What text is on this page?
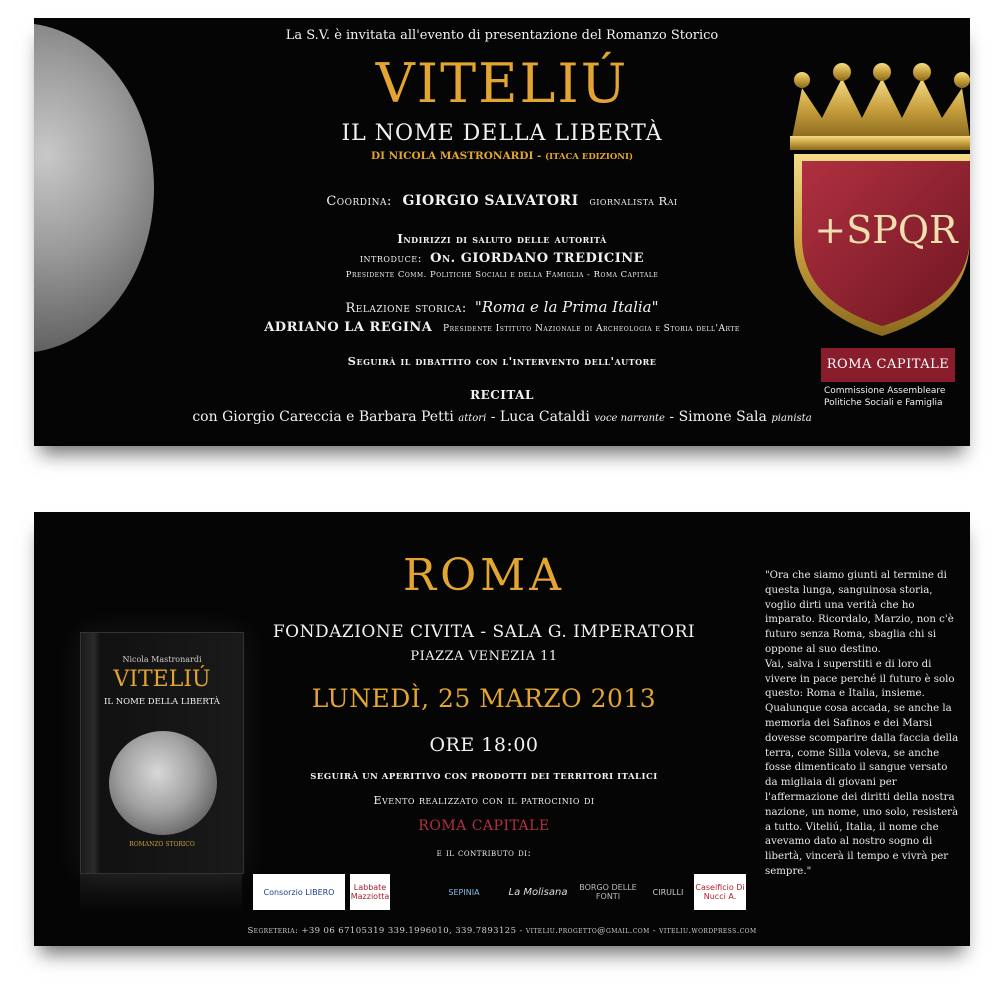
La S.V. è invitata all'evento di presentazione del Romanzo Storico
VITELIÚ
IL NOME DELLA LIBERTÀ
DI NICOLA MASTRONARDI - (ITACA EDIZIONI)
Coordina: GIORGIO SALVATORI giornalista Rai
Indirizzi di saluto delle autorità
introduce: On. GIORDANO TREDICINE
Presidente Comm. Politiche Sociali e della Famiglia - Roma Capitale
Relazione storica: "Roma e la Prima Italia"
ADRIANO LA REGINA Presidente Istituto Nazionale di Archeologia e Storia dell'Arte
Seguirà il dibattito con l'intervento dell'autore
RECITAL
con Giorgio Careccia e Barbara Petti attori - Luca Cataldi voce narrante - Simone Sala pianista
+SPQR
ROMA CAPITALE
Commissione Assembleare
Politiche Sociali e Famiglia
Nicola Mastronardi
VITELIÚ
IL NOME DELLA LIBERTÀ
ROMANZO STORICO
ROMA
FONDAZIONE CIVITA - SALA G. IMPERATORI
PIAZZA VENEZIA 11
LUNEDÌ, 25 MARZO 2013
ORE 18:00
SEGUIRÀ UN APERITIVO CON PRODOTTI DEI TERRITORI ITALICI
Evento realizzato con il patrocinio di
ROMA CAPITALE
e il contributo di:
Consorzio LIBERO	Labbate Mazziotta	SEPINIA	La Molisana	BORGO DELLE FONTI	CIRULLI	Caseificio Di Nucci A.

"Ora che siamo giunti al termine di questa lunga, sanguinosa storia, voglio dirti una verità che ho imparato. Ricordalo, Marzio, non c'è futuro senza Roma, sbaglia chi si oppone al suo destino.

Vai, salva i superstiti e di loro di vivere in pace perché il futuro è solo questo: Roma e Italia, insieme.

Qualunque cosa accada, se anche la memoria dei Safinos e dei Marsi dovesse scomparire dalla faccia della terra, come Silla voleva, se anche fosse dimenticato il sangue versato da migliaia di giovani per l'affermazione dei diritti della nostra nazione, un nome, uno solo, resisterà a tutto. Viteliú, Italia, il nome che avevamo dato al nostro sogno di libertà, vincerà il tempo e vivrà per sempre."

Segreteria: +39 06 67105319 339.1996010, 339.7893125 - viteliu.progetto@gmail.com - viteliu.wordpress.com
